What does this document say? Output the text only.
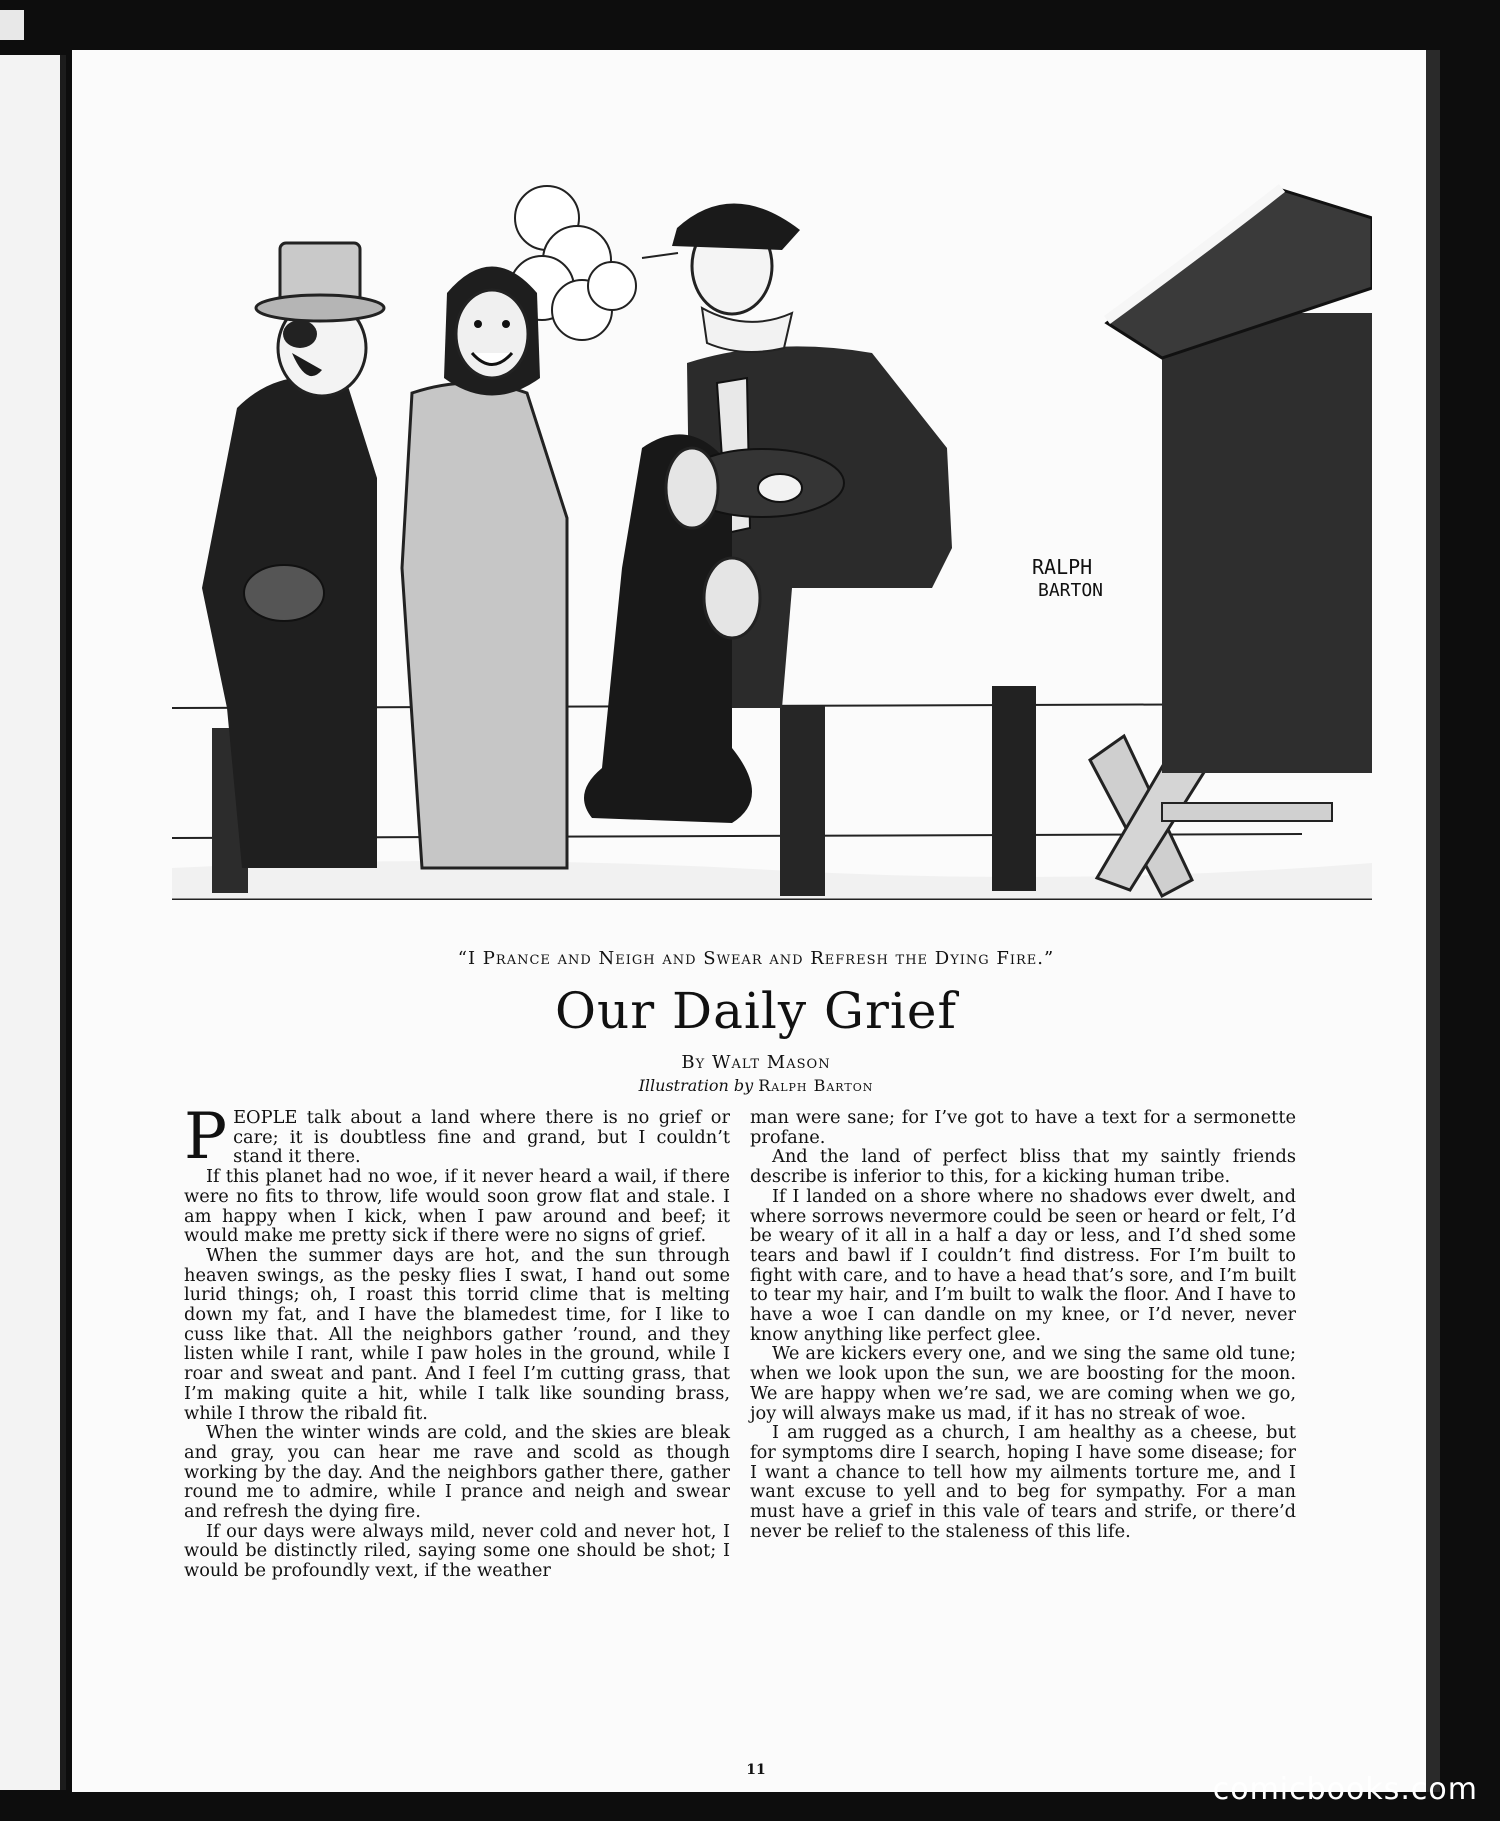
RALPH
BARTON
“I Prance and Neigh and Swear and Refresh the Dying Fire.”
Our Daily Grief
By Walt Mason
Illustration by Ralph Barton

PEOPLE talk about a land where there is no grief or care; it is doubtless fine and grand, but I couldn’t stand it there.

If this planet had no woe, if it never heard a wail, if there were no fits to throw, life would soon grow flat and stale. I am happy when I kick, when I paw around and beef; it would make me pretty sick if there were no signs of grief.

When the summer days are hot, and the sun through heaven swings, as the pesky flies I swat, I hand out some lurid things; oh, I roast this torrid clime that is melting down my fat, and I have the blamedest time, for I like to cuss like that. All the neighbors gather ’round, and they listen while I rant, while I paw holes in the ground, while I roar and sweat and pant. And I feel I’m cutting grass, that I’m making quite a hit, while I talk like sounding brass, while I throw the ribald fit.

When the winter winds are cold, and the skies are bleak and gray, you can hear me rave and scold as though working by the day. And the neighbors gather there, gather round me to admire, while I prance and neigh and swear and refresh the dying fire.

If our days were always mild, never cold and never hot, I would be distinctly riled, saying some one should be shot; I would be profoundly vext, if the weather

man were sane; for I’ve got to have a text for a sermonette profane.

And the land of perfect bliss that my saintly friends describe is inferior to this, for a kicking human tribe.

If I landed on a shore where no shadows ever dwelt, and where sorrows nevermore could be seen or heard or felt, I’d be weary of it all in a half a day or less, and I’d shed some tears and bawl if I couldn’t find distress. For I’m built to fight with care, and to have a head that’s sore, and I’m built to tear my hair, and I’m built to walk the floor. And I have to have a woe I can dandle on my knee, or I’d never, never know anything like perfect glee.

We are kickers every one, and we sing the same old tune; when we look upon the sun, we are boosting for the moon. We are happy when we’re sad, we are coming when we go, joy will always make us mad, if it has no streak of woe.

I am rugged as a church, I am healthy as a cheese, but for symptoms dire I search, hoping I have some disease; for I want a chance to tell how my ailments torture me, and I want excuse to yell and to beg for sympathy. For a man must have a grief in this vale of tears and strife, or there’d never be relief to the staleness of this life.

11
comicbooks.com
